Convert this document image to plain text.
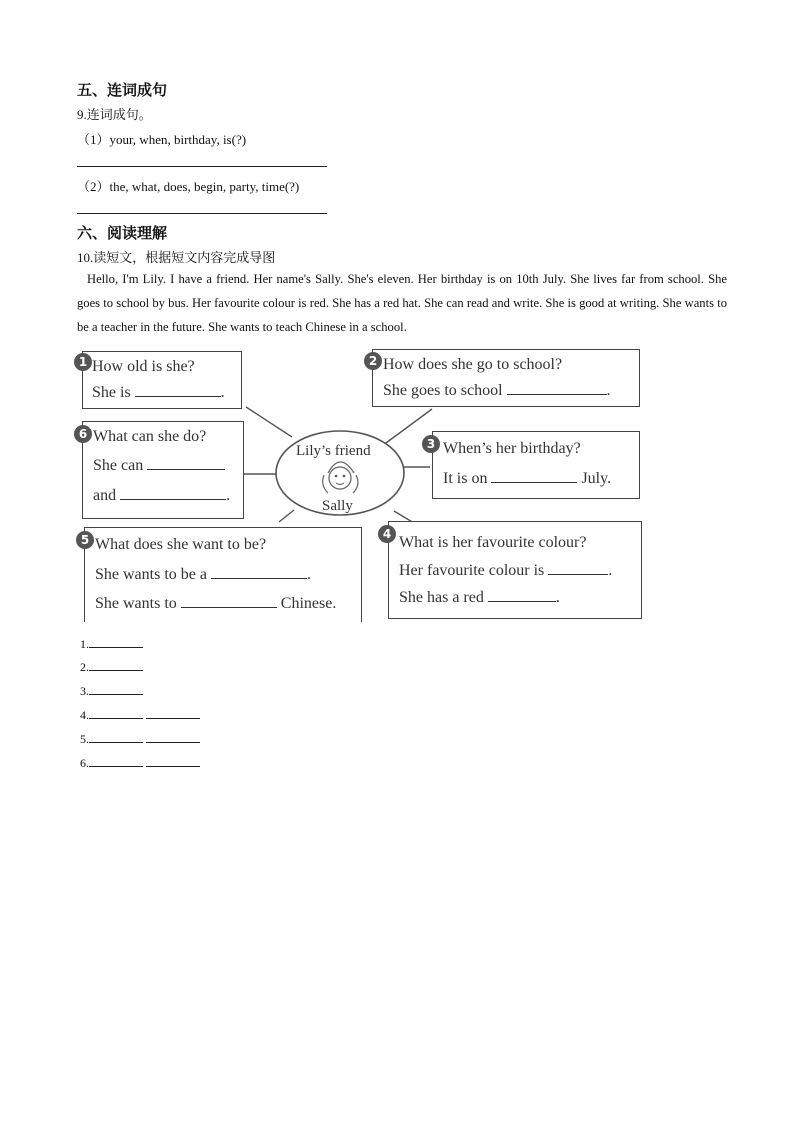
五、连词成句
9.连词成句。
（1）your, when, birthday, is(?)
（2）the, what, does, begin, party, time(?)
六、阅读理解
10.读短文，根据短文内容完成导图
Hello, I'm Lily. I have a friend. Her name's Sally. She's eleven. Her birthday is on 10th July. She lives far from school. She goes to school by bus. Her favourite colour is red. She has a red hat. She can read and write. She is good at writing. She wants to be a teacher in the future. She wants to teach Chinese in a school.
Lily’s friend
Sally
How old is she?
She is	.
1	How does she go to school?
She goes to school	.
2
What can she do?
She can
and	.
6
When’s her birthday?
It is on	July.
3
What does she want to be?
She wants to be a	.
She wants to	Chinese.
5	What is her favourite colour?
Her favourite colour is	.
She has a red	.
4
1.
2.
3.
4.
5.
6.
